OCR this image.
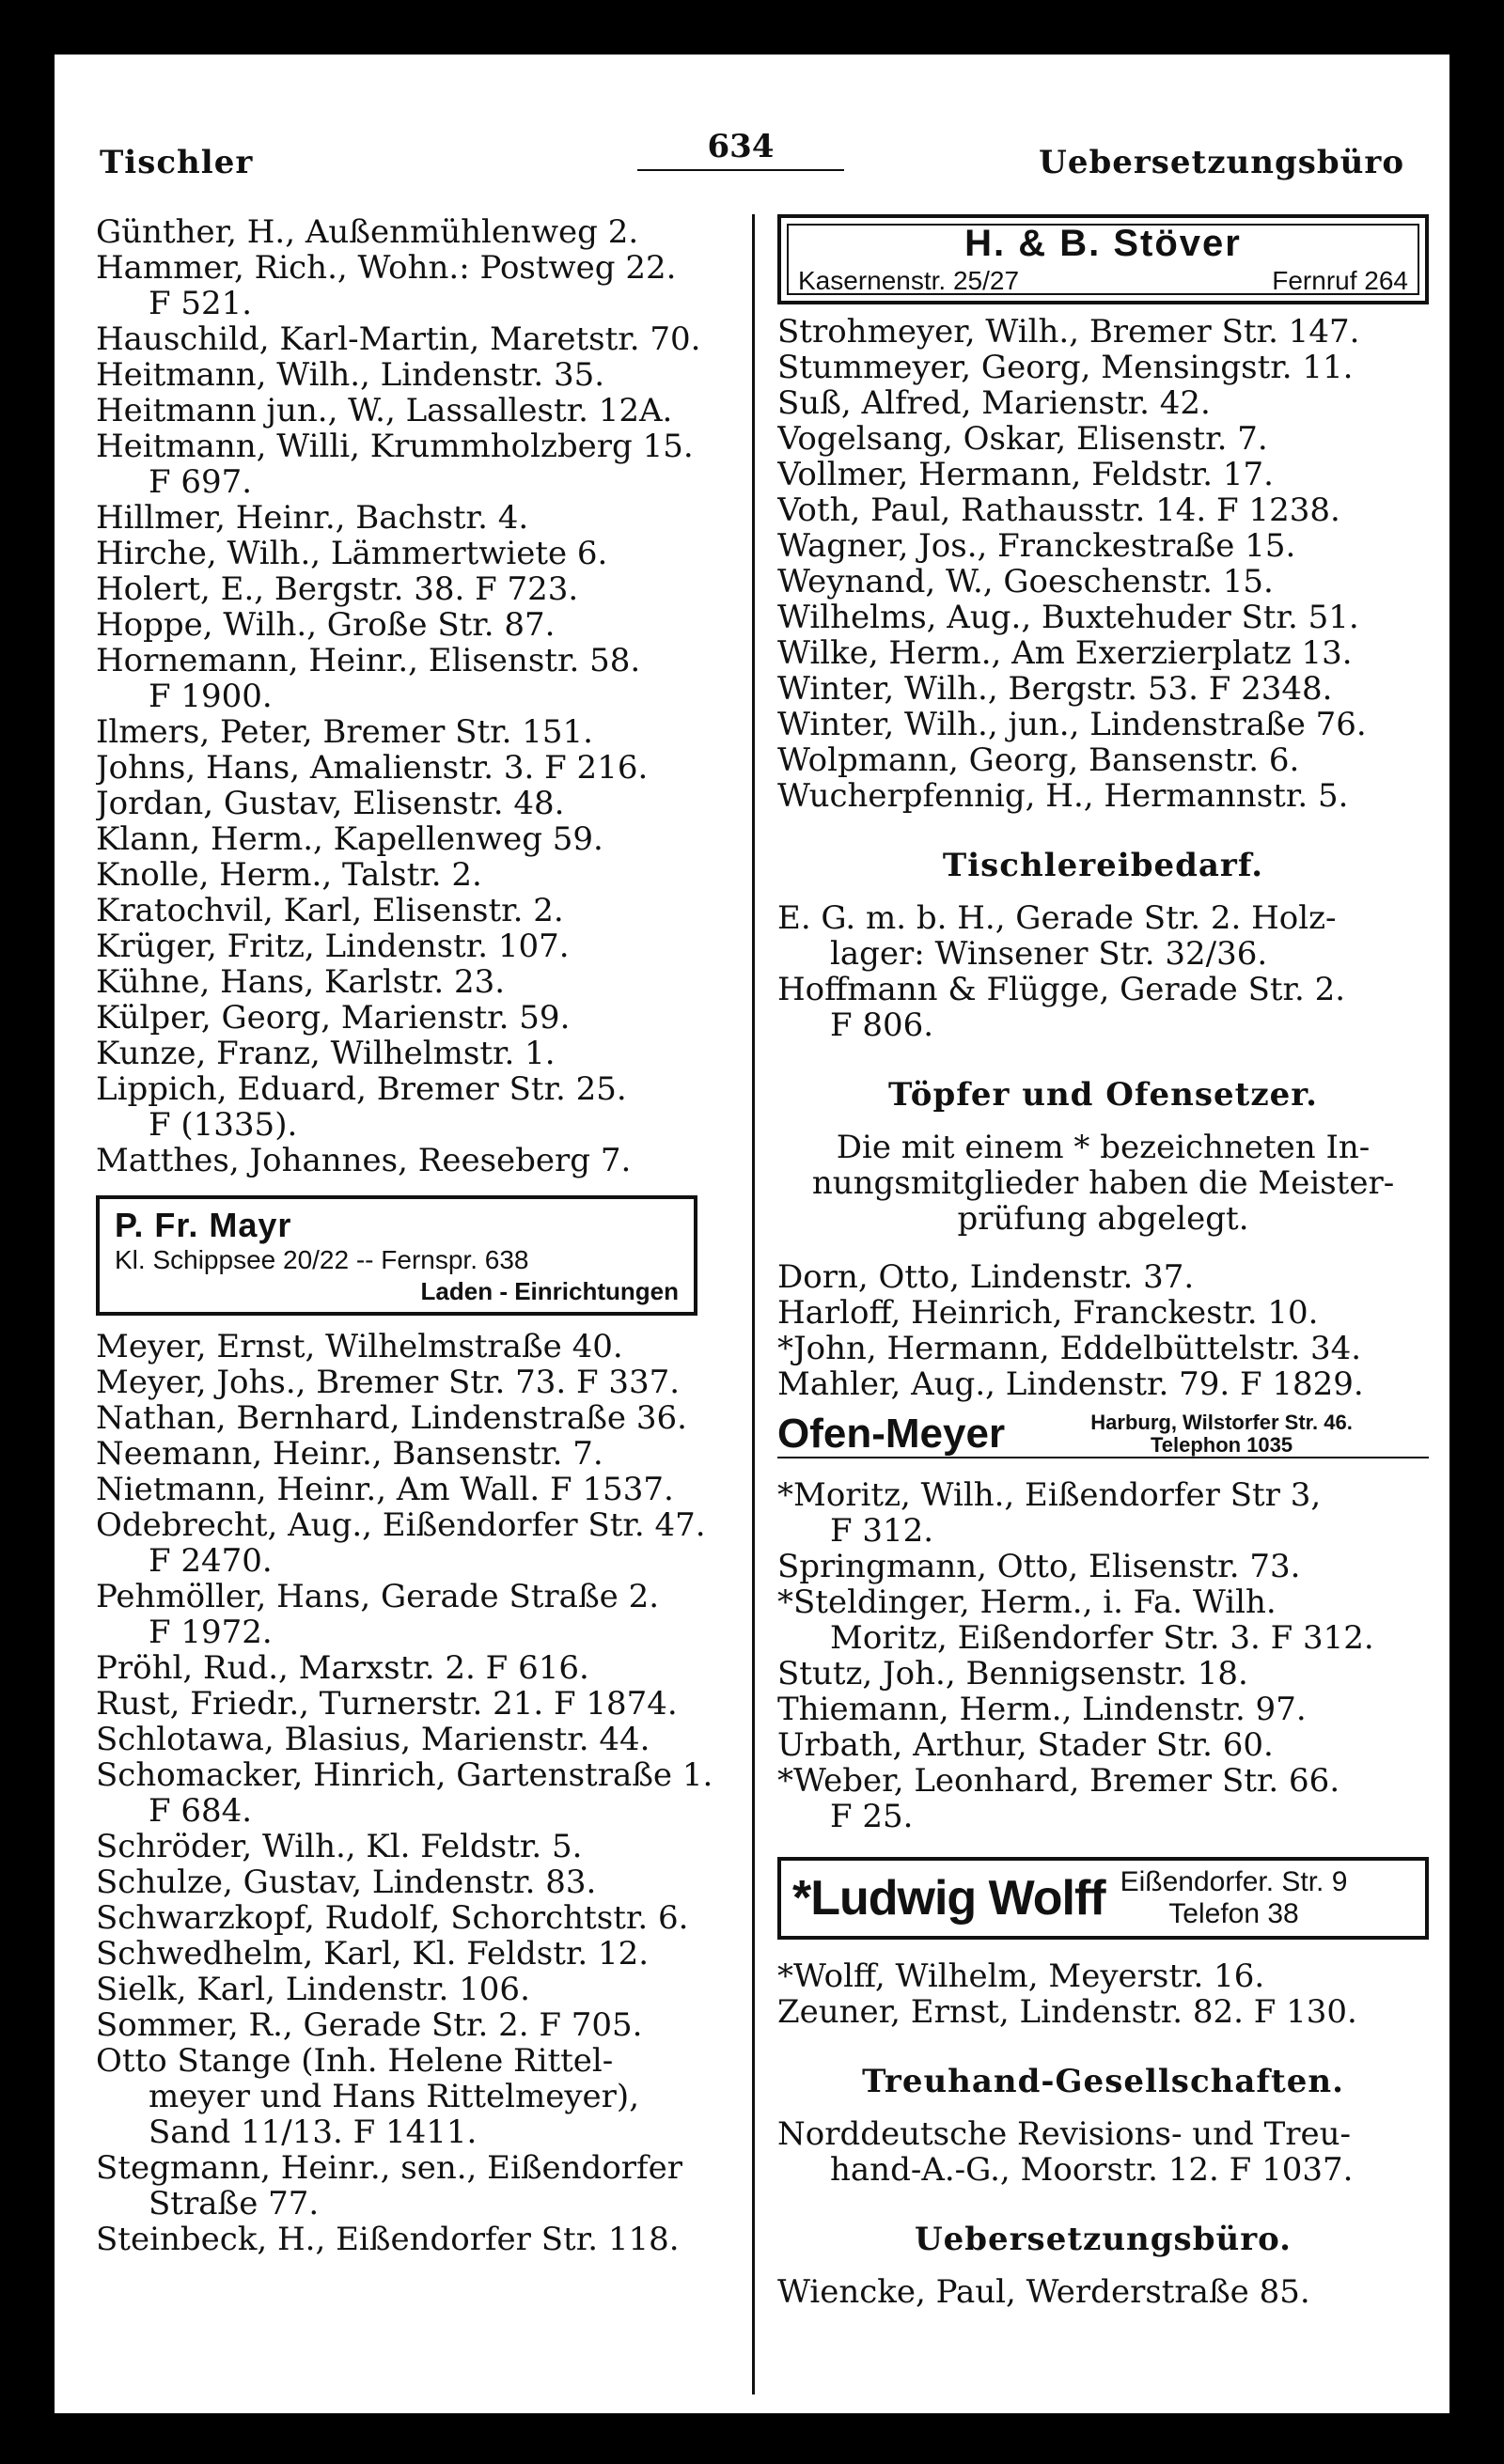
Tischler	634	Uebersetzungsbüro
Günther, H., Außenmühlenweg 2.
Hammer, Rich., Wohn.: Postweg 22.
F 521.
Hauschild, Karl-Martin, Maretstr. 70.
Heitmann, Wilh., Lindenstr. 35.
Heitmann jun., W., Lassallestr. 12A.
Heitmann, Willi, Krummholzberg 15.
F 697.
Hillmer, Heinr., Bachstr. 4.
Hirche, Wilh., Lämmertwiete 6.
Holert, E., Bergstr. 38. F 723.
Hoppe, Wilh., Große Str. 87.
Hornemann, Heinr., Elisenstr. 58.
F 1900.
Ilmers, Peter, Bremer Str. 151.
Johns, Hans, Amalienstr. 3. F 216.
Jordan, Gustav, Elisenstr. 48.
Klann, Herm., Kapellenweg 59.
Knolle, Herm., Talstr. 2.
Kratochvil, Karl, Elisenstr. 2.
Krüger, Fritz, Lindenstr. 107.
Kühne, Hans, Karlstr. 23.
Külper, Georg, Marienstr. 59.
Kunze, Franz, Wilhelmstr. 1.
Lippich, Eduard, Bremer Str. 25.
F (1335).
Matthes, Johannes, Reeseberg 7.
P. Fr. Mayr
Kl. Schippsee 20/22 -- Fernspr. 638
Laden - Einrichtungen
Meyer, Ernst, Wilhelmstraße 40.
Meyer, Johs., Bremer Str. 73. F 337.
Nathan, Bernhard, Lindenstraße 36.
Neemann, Heinr., Bansenstr. 7.
Nietmann, Heinr., Am Wall. F 1537.
Odebrecht, Aug., Eißendorfer Str. 47.
F 2470.
Pehmöller, Hans, Gerade Straße 2.
F 1972.
Pröhl, Rud., Marxstr. 2. F 616.
Rust, Friedr., Turnerstr. 21. F 1874.
Schlotawa, Blasius, Marienstr. 44.
Schomacker, Hinrich, Gartenstraße 1.
F 684.
Schröder, Wilh., Kl. Feldstr. 5.
Schulze, Gustav, Lindenstr. 83.
Schwarzkopf, Rudolf, Schorchtstr. 6.
Schwedhelm, Karl, Kl. Feldstr. 12.
Sielk, Karl, Lindenstr. 106.
Sommer, R., Gerade Str. 2. F 705.
Otto Stange (Inh. Helene Rittel-
meyer und Hans Rittelmeyer),
Sand 11/13. F 1411.
Stegmann, Heinr., sen., Eißendorfer
Straße 77.
Steinbeck, H., Eißendorfer Str. 118.
H. & B. Stöver
Kasernenstr. 25/27	Fernruf 264
Strohmeyer, Wilh., Bremer Str. 147.
Stummeyer, Georg, Mensingstr. 11.
Suß, Alfred, Marienstr. 42.
Vogelsang, Oskar, Elisenstr. 7.
Vollmer, Hermann, Feldstr. 17.
Voth, Paul, Rathausstr. 14. F 1238.
Wagner, Jos., Franckestraße 15.
Weynand, W., Goeschenstr. 15.
Wilhelms, Aug., Buxtehuder Str. 51.
Wilke, Herm., Am Exerzierplatz 13.
Winter, Wilh., Bergstr. 53. F 2348.
Winter, Wilh., jun., Lindenstraße 76.
Wolpmann, Georg, Bansenstr. 6.
Wucherpfennig, H., Hermannstr. 5.
Tischlereibedarf.
E. G. m. b. H., Gerade Str. 2. Holz-
lager: Winsener Str. 32/36.
Hoffmann & Flügge, Gerade Str. 2.
F 806.
Töpfer und Ofensetzer.
Die mit einem * bezeichneten In-
nungsmitglieder haben die Meister-
prüfung abgelegt.
Dorn, Otto, Lindenstr. 37.
Harloff, Heinrich, Franckestr. 10.
*John, Hermann, Eddelbüttelstr. 34.
Mahler, Aug., Lindenstr. 79. F 1829.
Ofen-Meyer	Harburg, Wilstorfer Str. 46.
Telephon 1035
*Moritz, Wilh., Eißendorfer Str 3,
F 312.
Springmann, Otto, Elisenstr. 73.
*Steldinger, Herm., i. Fa. Wilh.
Moritz, Eißendorfer Str. 3. F 312.
Stutz, Joh., Bennigsenstr. 18.
Thiemann, Herm., Lindenstr. 97.
Urbath, Arthur, Stader Str. 60.
*Weber, Leonhard, Bremer Str. 66.
F 25.
*Ludwig Wolff Eißendorfer. Str. 9
Telefon 38
*Wolff, Wilhelm, Meyerstr. 16.
Zeuner, Ernst, Lindenstr. 82. F 130.
Treuhand-Gesellschaften.
Norddeutsche Revisions- und Treu-
hand-A.-G., Moorstr. 12. F 1037.
Uebersetzungsbüro.
Wiencke, Paul, Werderstraße 85.
